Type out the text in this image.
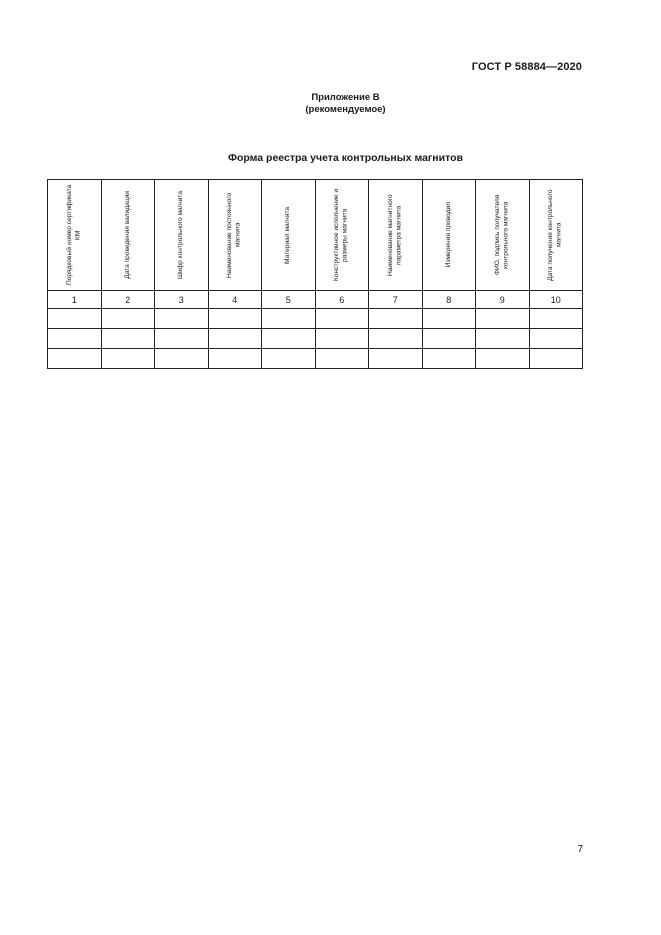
ГОСТ Р 58884—2020
Приложение В
(рекомендуемое)
Форма реестра учета контрольных магнитов
Порядковый номер сертификата КМ	Дата проведения валидации	Шифр контрольного магнита	Наименование постоянного магнита	Материал магнита	Конструктивное исполнение и размеры магнита	Наименование магнитного параметра магнита	Измерения проводил	ФИО, подпись получателя контрольного магнита	Дата получения контрольного магнита

1	2	3	4	5	6	7	8	9	10

7
